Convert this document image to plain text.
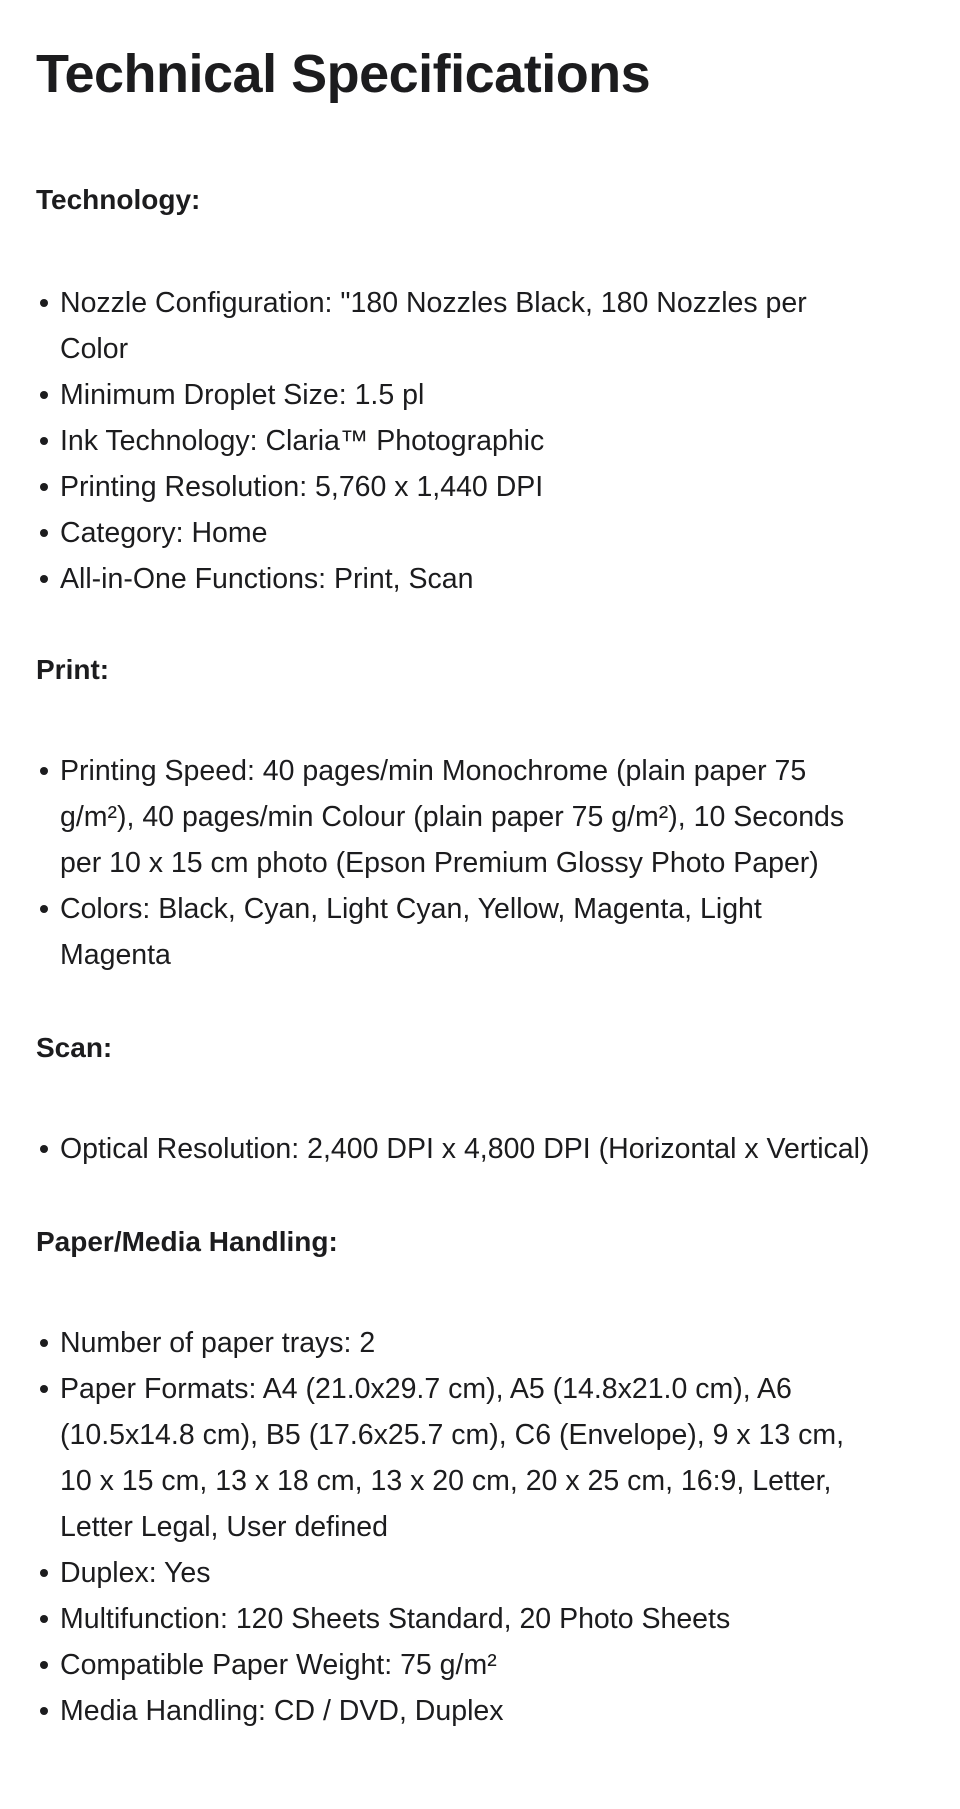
Technical Specifications
Technology:
Nozzle Configuration: "180 Nozzles Black, 180 Nozzles per Color
Minimum Droplet Size: 1.5 pl
Ink Technology: Claria™ Photographic
Printing Resolution: 5,760 x 1,440 DPI
Category: Home
All-in-One Functions: Print, Scan
Print:
Printing Speed: 40 pages/min Monochrome (plain paper 75 g/m²), 40 pages/min Colour (plain paper 75 g/m²), 10 Seconds per 10 x 15 cm photo (Epson Premium Glossy Photo Paper)
Colors: Black, Cyan, Light Cyan, Yellow, Magenta, Light Magenta
Scan:
Optical Resolution: 2,400 DPI x 4,800 DPI (Horizontal x Vertical)
Paper/Media Handling:
Number of paper trays: 2
Paper Formats: A4 (21.0x29.7 cm), A5 (14.8x21.0 cm), A6 (10.5x14.8 cm), B5 (17.6x25.7 cm), C6 (Envelope), 9 x 13 cm, 10 x 15 cm, 13 x 18 cm, 13 x 20 cm, 20 x 25 cm, 16:9, Letter, Letter Legal, User defined
Duplex: Yes
Multifunction: 120 Sheets Standard, 20 Photo Sheets
Compatible Paper Weight: 75 g/m²
Media Handling: CD / DVD, Duplex
